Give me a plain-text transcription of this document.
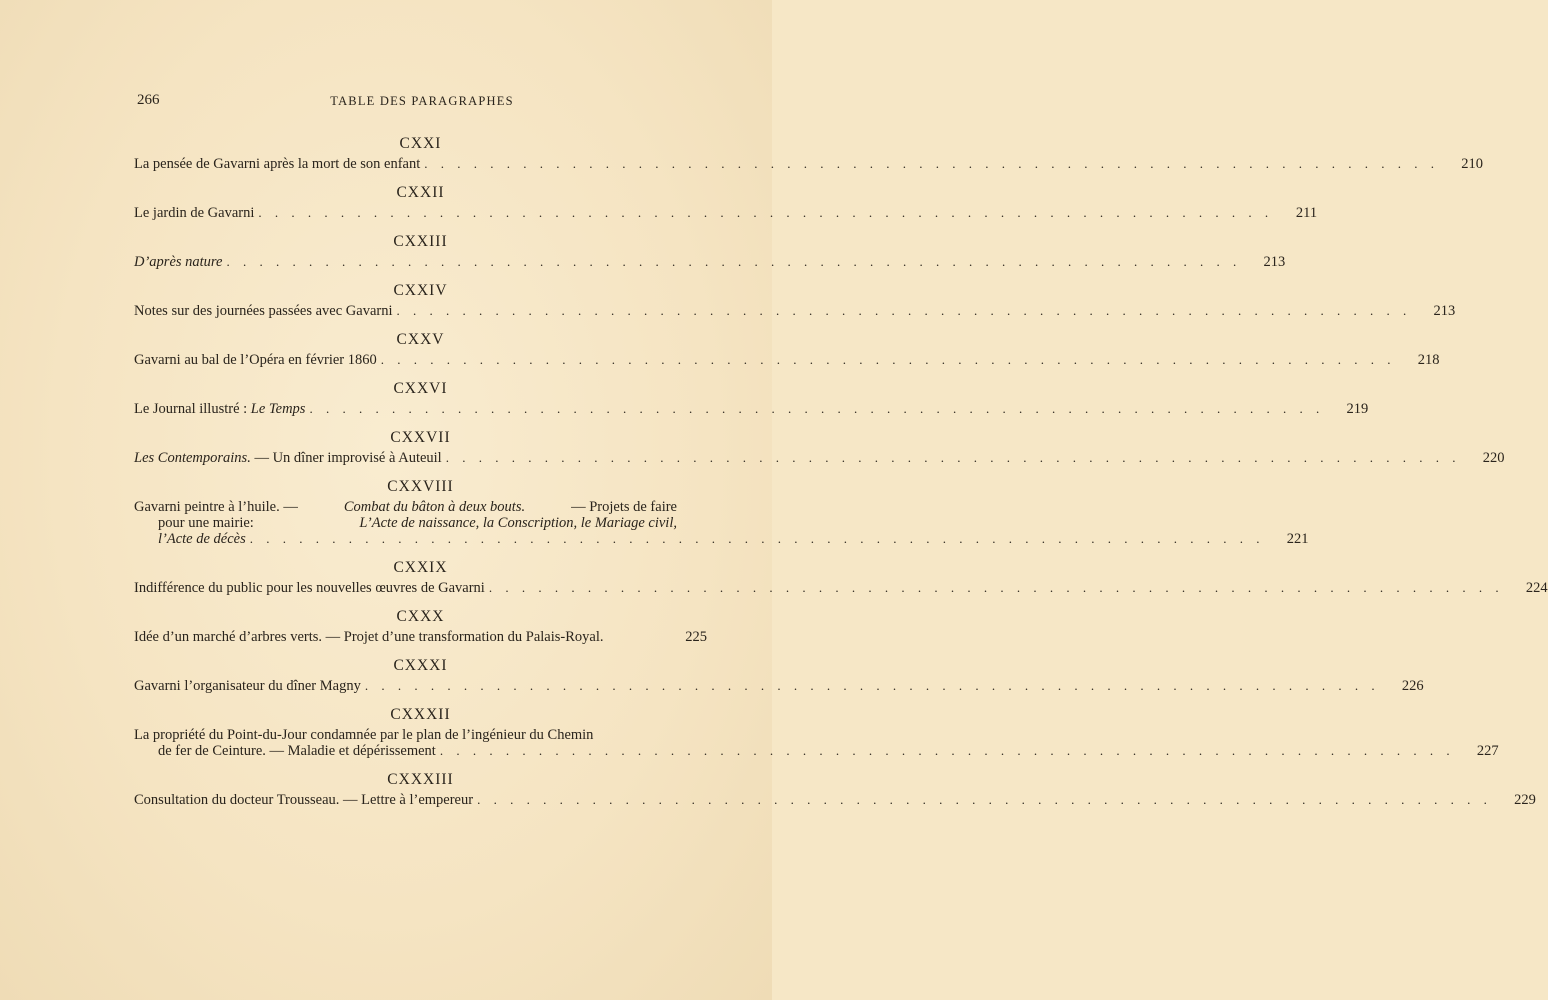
266	TABLE DES PARAGRAPHES
CXXI
La pensée de Gavarni après la mort de son enfant . . . . . . . . . . . . . . . . . . . . . . . . . . . . . . . . . . . . . . . . . . . . . . . . . . . . . . . . . . . . . .	210
CXXII
Le jardin de Gavarni . . . . . . . . . . . . . . . . . . . . . . . . . . . . . . . . . . . . . . . . . . . . . . . . . . . . . . . . . . . . . .	211
CXXIII
D’après nature . . . . . . . . . . . . . . . . . . . . . . . . . . . . . . . . . . . . . . . . . . . . . . . . . . . . . . . . . . . . . .	213
CXXIV
Notes sur des journées passées avec Gavarni . . . . . . . . . . . . . . . . . . . . . . . . . . . . . . . . . . . . . . . . . . . . . . . . . . . . . . . . . . . . . .	213
CXXV
Gavarni au bal de l’Opéra en février 1860 . . . . . . . . . . . . . . . . . . . . . . . . . . . . . . . . . . . . . . . . . . . . . . . . . . . . . . . . . . . . . .	218
CXXVI
Le Journal illustré : Le Temps . . . . . . . . . . . . . . . . . . . . . . . . . . . . . . . . . . . . . . . . . . . . . . . . . . . . . . . . . . . . . .	219
CXXVII
Les Contemporains. — Un dîner improvisé à Auteuil . . . . . . . . . . . . . . . . . . . . . . . . . . . . . . . . . . . . . . . . . . . . . . . . . . . . . . . . . . . . . .	220
CXXVIII
Gavarni peintre à l’huile. —	Combat du bâton à deux bouts.	— Projets de faire
pour une mairie:	L’Acte de naissance, la Conscription, le Mariage civil,
l’Acte de décès . . . . . . . . . . . . . . . . . . . . . . . . . . . . . . . . . . . . . . . . . . . . . . . . . . . . . . . . . . . . . .	221
CXXIX
Indifférence du public pour les nouvelles œuvres de Gavarni . . . . . . . . . . . . . . . . . . . . . . . . . . . . . . . . . . . . . . . . . . . . . . . . . . . . . . . . . . . . . .	224
CXXX
Idée d’un marché d’arbres verts. — Projet d’une transformation du Palais-Royal.	225
CXXXI
Gavarni l’organisateur du dîner Magny . . . . . . . . . . . . . . . . . . . . . . . . . . . . . . . . . . . . . . . . . . . . . . . . . . . . . . . . . . . . . .	226
CXXXII
La propriété du Point-du-Jour condamnée par le plan de l’ingénieur du Chemin
de fer de Ceinture. — Maladie et dépérissement . . . . . . . . . . . . . . . . . . . . . . . . . . . . . . . . . . . . . . . . . . . . . . . . . . . . . . . . . . . . . .	227
CXXXIII
Consultation du docteur Trousseau. — Lettre à l’empereur . . . . . . . . . . . . . . . . . . . . . . . . . . . . . . . . . . . . . . . . . . . . . . . . . . . . . . . . . . . . . .	229
